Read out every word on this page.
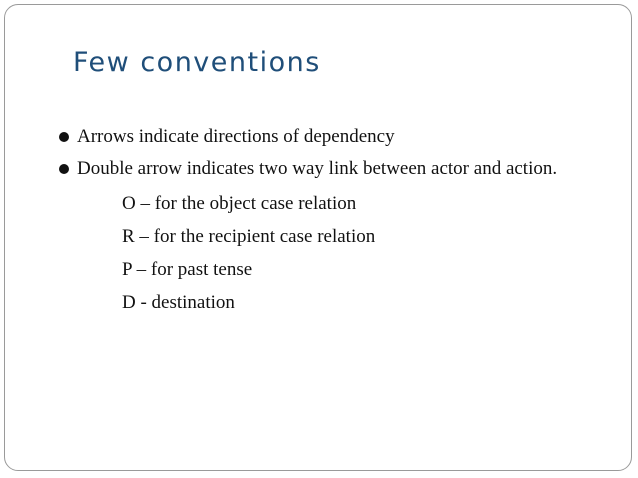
Few conventions
Arrows indicate directions of dependency
Double arrow indicates two way link between actor and action.
O – for the object case relation
R – for the recipient case relation
P – for past tense
D - destination
